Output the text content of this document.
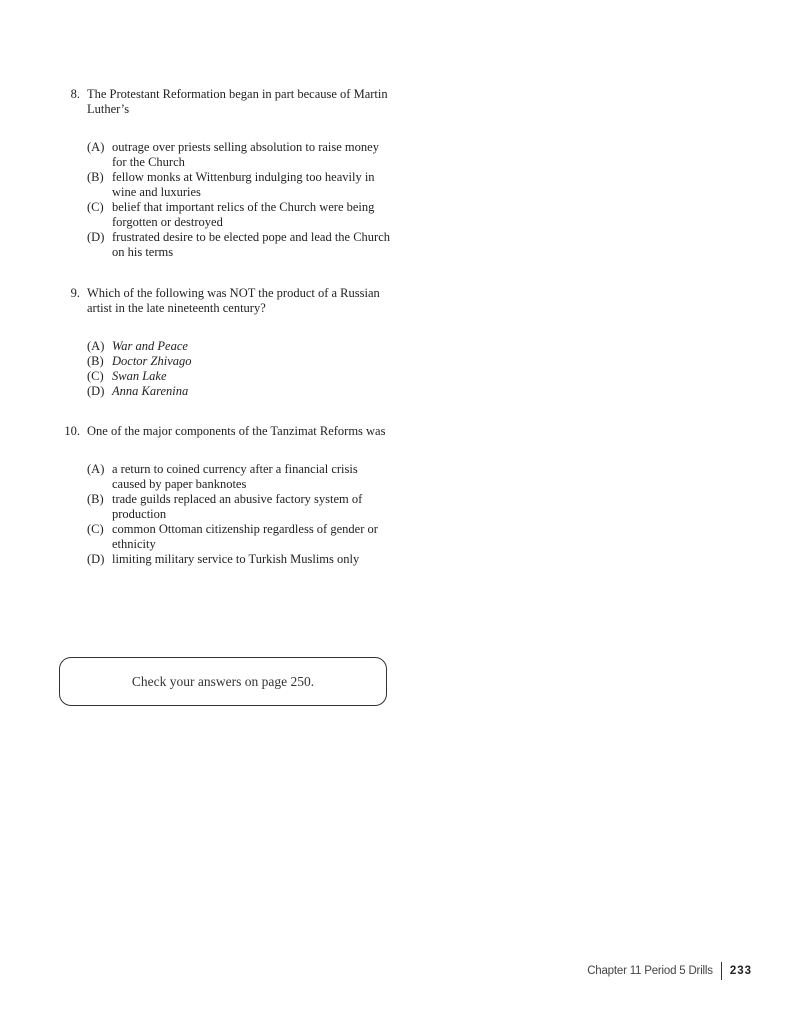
8. The Protestant Reformation began in part because of Martin Luther’s
(A) outrage over priests selling absolution to raise money for the Church
(B) fellow monks at Wittenburg indulging too heavily in wine and luxuries
(C) belief that important relics of the Church were being forgotten or destroyed
(D) frustrated desire to be elected pope and lead the Church on his terms
9. Which of the following was NOT the product of a Russian artist in the late nineteenth century?
(A) War and Peace
(B) Doctor Zhivago
(C) Swan Lake
(D) Anna Karenina
10. One of the major components of the Tanzimat Reforms was
(A) a return to coined currency after a financial crisis caused by paper banknotes
(B) trade guilds replaced an abusive factory system of production
(C) common Ottoman citizenship regardless of gender or ethnicity
(D) limiting military service to Turkish Muslims only
Check your answers on page 250.
Chapter 11 Period 5 Drills 233
